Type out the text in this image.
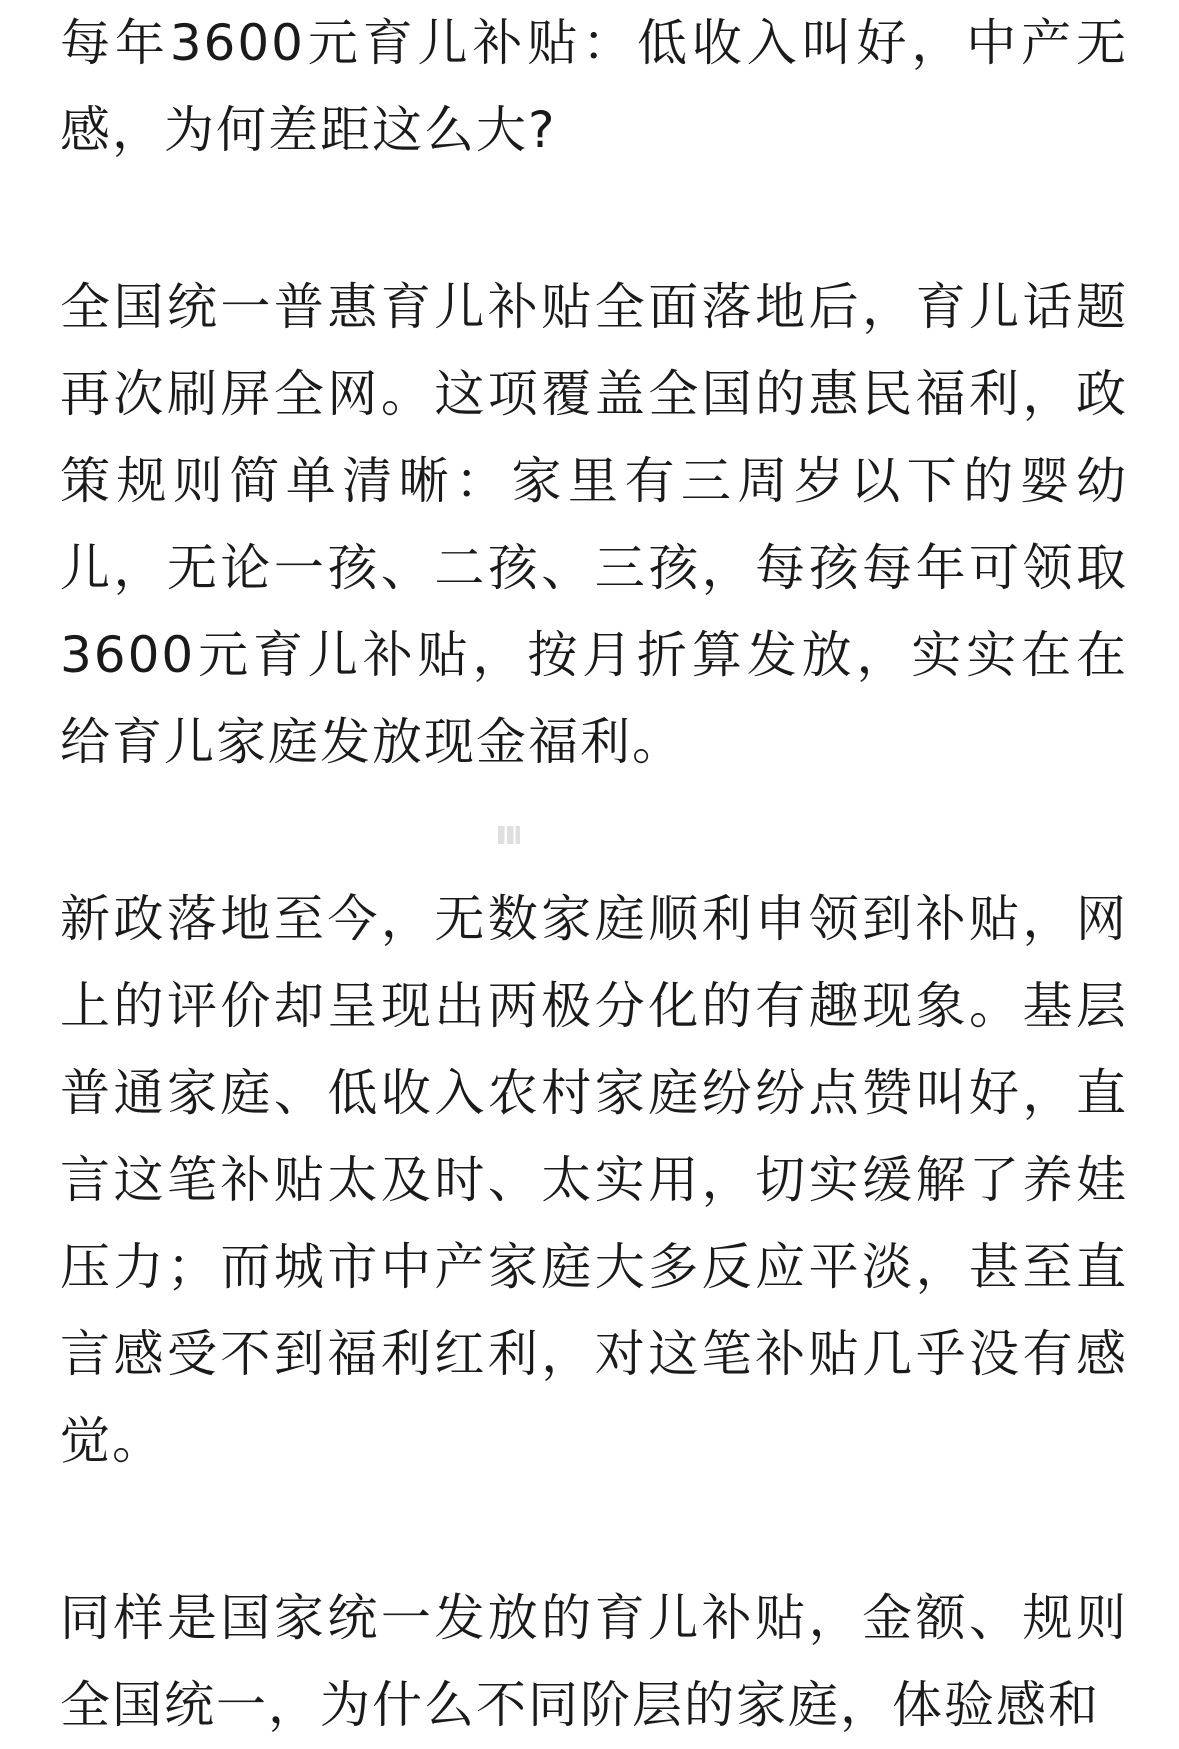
每年3600元育儿补贴：低收入叫好，中产无感，为何差距这么大?

全国统一普惠育儿补贴全面落地后，育儿话题再次刷屏全网。这项覆盖全国的惠民福利，政策规则简单清晰：家里有三周岁以下的婴幼儿，无论一孩、二孩、三孩，每孩每年可领取3600元育儿补贴，按月折算发放，实实在在给育儿家庭发放现金福利。

新政落地至今，无数家庭顺利申领到补贴，网上的评价却呈现出两极分化的有趣现象。基层普通家庭、低收入农村家庭纷纷点赞叫好，直言这笔补贴太及时、太实用，切实缓解了养娃压力；而城市中产家庭大多反应平淡，甚至直言感受不到福利红利，对这笔补贴几乎没有感觉。

同样是国家统一发放的育儿补贴，金额、规则全国统一，为什么不同阶层的家庭，体验感和
